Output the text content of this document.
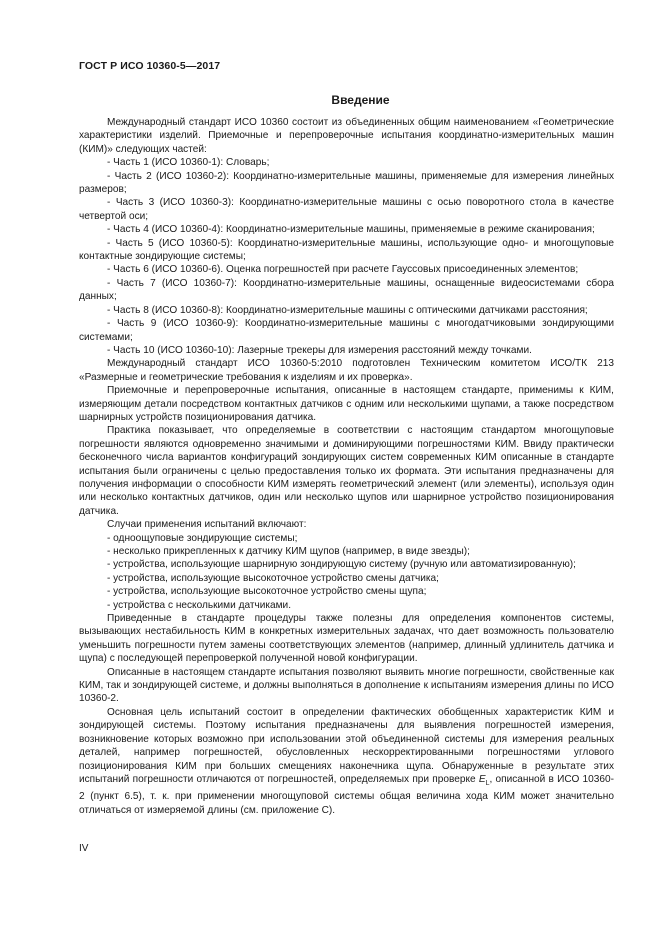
ГОСТ Р ИСО 10360-5—2017
Введение

Международный стандарт ИСО 10360 состоит из объединенных общим наименованием «Геометрические характеристики изделий. Приемочные и перепроверочные испытания координатно-измерительных машин (КИМ)» следующих частей:

- Часть 1 (ИСО 10360-1): Словарь;

- Часть 2 (ИСО 10360-2): Координатно-измерительные машины, применяемые для измерения линейных размеров;

- Часть 3 (ИСО 10360-3): Координатно-измерительные машины с осью поворотного стола в качестве четвертой оси;

- Часть 4 (ИСО 10360-4): Координатно-измерительные машины, применяемые в режиме сканирования;

- Часть 5 (ИСО 10360-5): Координатно-измерительные машины, использующие одно- и многощуповые контактные зондирующие системы;

- Часть 6 (ИСО 10360-6). Оценка погрешностей при расчете Гауссовых присоединенных элементов;

- Часть 7 (ИСО 10360-7): Координатно-измерительные машины, оснащенные видеосистемами сбора данных;

- Часть 8 (ИСО 10360-8): Координатно-измерительные машины с оптическими датчиками расстояния;

- Часть 9 (ИСО 10360-9): Координатно-измерительные машины с многодатчиковыми зондирующими системами;

- Часть 10 (ИСО 10360-10): Лазерные трекеры для измерения расстояний между точками.

Международный стандарт ИСО 10360-5:2010 подготовлен Техническим комитетом ИСО/ТК 213 «Размерные и геометрические требования к изделиям и их проверка».

Приемочные и перепроверочные испытания, описанные в настоящем стандарте, применимы к КИМ, измеряющим детали посредством контактных датчиков с одним или несколькими щупами, а также посредством шарнирных устройств позиционирования датчика.

Практика показывает, что определяемые в соответствии с настоящим стандартом многощуповые погрешности являются одновременно значимыми и доминирующими погрешностями КИМ. Ввиду практически бесконечного числа вариантов конфигураций зондирующих систем современных КИМ описанные в стандарте испытания были ограничены с целью предоставления только их формата. Эти испытания предназначены для получения информации о способности КИМ измерять геометрический элемент (или элементы), используя один или несколько контактных датчиков, один или несколько щупов или шарнирное устройство позиционирования датчика.

Случаи применения испытаний включают:

- одноощуповые зондирующие системы;

- несколько прикрепленных к датчику КИМ щупов (например, в виде звезды);

- устройства, использующие шарнирную зондирующую систему (ручную или автоматизированную);

- устройства, использующие высокоточное устройство смены датчика;

- устройства, использующие высокоточное устройство смены щупа;

- устройства с несколькими датчиками.

Приведенные в стандарте процедуры также полезны для определения компонентов системы, вызывающих нестабильность КИМ в конкретных измерительных задачах, что дает возможность пользователю уменьшить погрешности путем замены соответствующих элементов (например, длинный удлинитель датчика и щупа) с последующей перепроверкой полученной новой конфигурации.

Описанные в настоящем стандарте испытания позволяют выявить многие погрешности, свойственные как КИМ, так и зондирующей системе, и должны выполняться в дополнение к испытаниям измерения длины по ИСО 10360-2.

Основная цель испытаний состоит в определении фактических обобщенных характеристик КИМ и зондирующей системы. Поэтому испытания предназначены для выявления погрешностей измерения, возникновение которых возможно при использовании этой объединенной системы для измерения реальных деталей, например погрешностей, обусловленных нескорректированными погрешностями углового позиционирования КИМ при больших смещениях наконечника щупа. Обнаруженные в результате этих испытаний погрешности отличаются от погрешностей, определяемых при проверке $E_L$, описанной в ИСО 10360-2 (пункт 6.5), т. к. при применении многощуповой системы общая величина хода КИМ может значительно отличаться от измеряемой длины (см. приложение С).

IV
